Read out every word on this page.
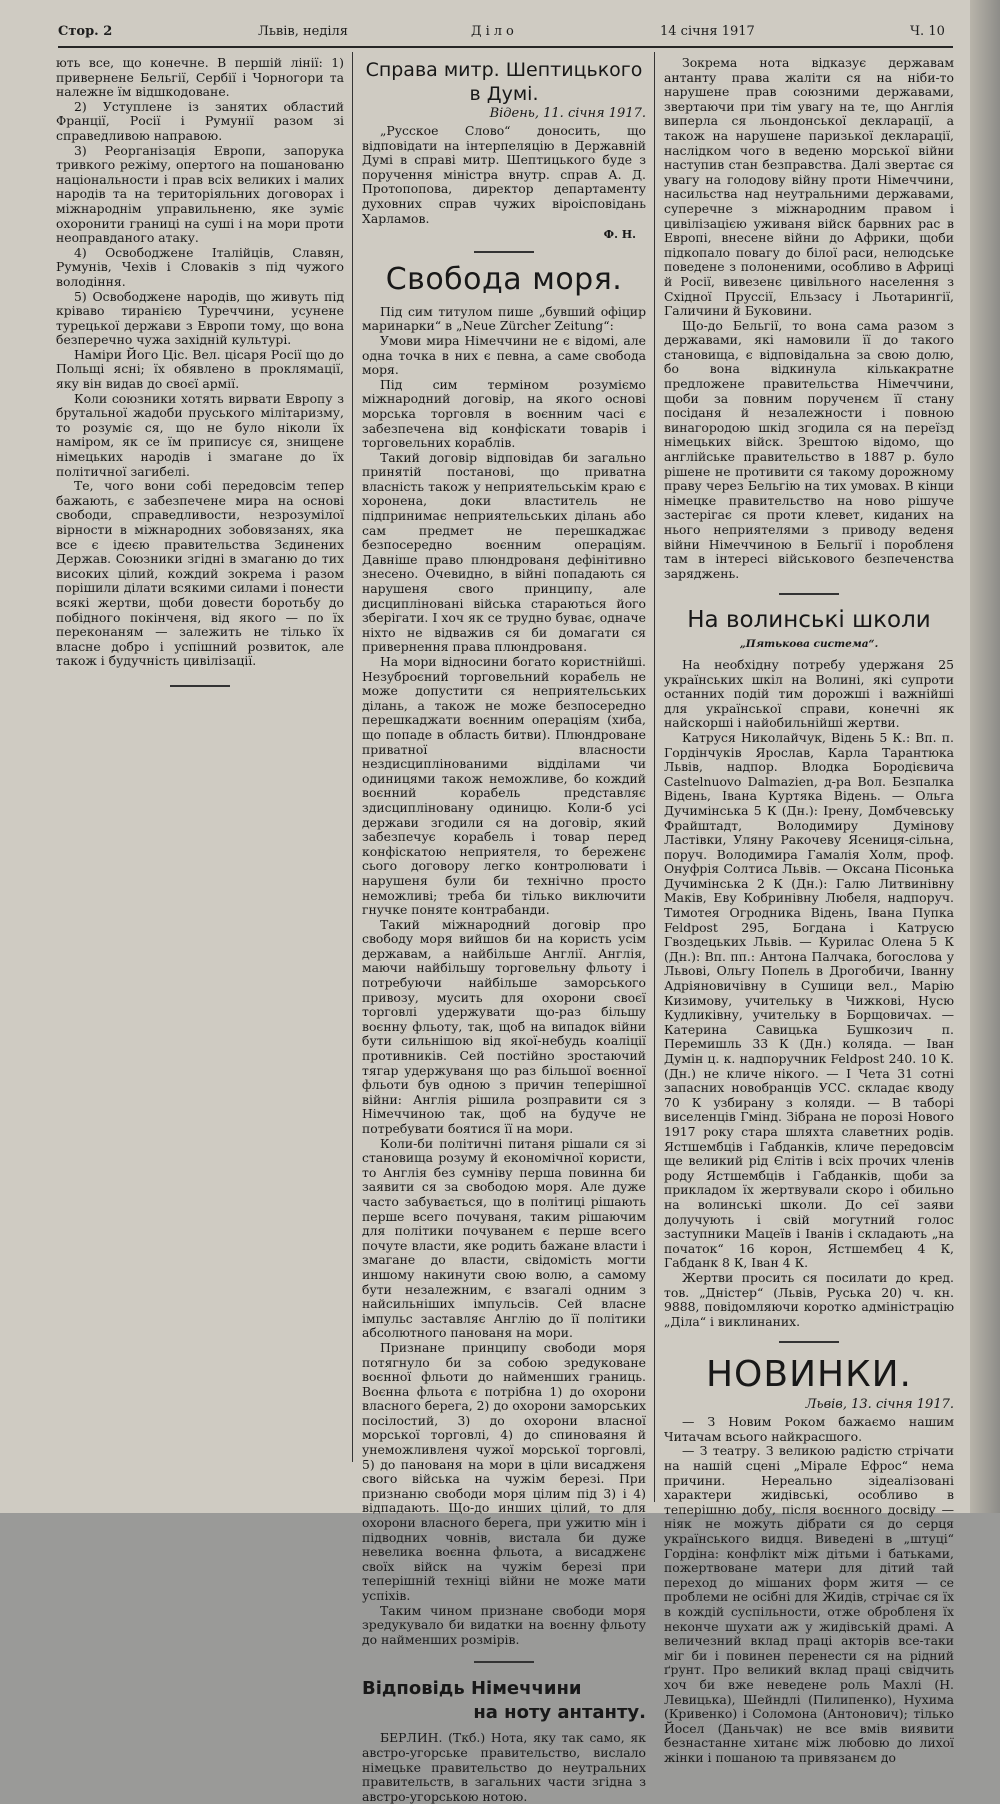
Стор. 2	Львів, неділя	Діло	14 січня 1917	Ч. 10

ють все, що конечне. В першій лінії: 1) привернене Бельгії, Сербії і Чорногори та належне їм відшкодоване.

2) Уступлене із занятих областий Франції, Росії і Румунії разом зі справедливою направою.

3) Реорганізація Европи, запорука тривкого режіму, опертого на пошанованю національности і прав всіх великих і малих народів та на територіяльних договорах і міжнароднім управильненю, яке зуміє охоронити границі на суші і на мори проти неоправданого атаку.

4) Освободжене Італійців, Славян, Румунів, Чехів і Словаків з під чужого володіння.

5) Освободжене народів, що живуть під кріваво тиранією Туреччини, усунене турецької держави з Европи тому, що вона безперечно чужа західній культурі.

Наміри Його Ціс. Вел. цісаря Росії що до Польщі ясні; їх обявлено в проклямації, яку він видав до своєї армії.

Коли союзники хотять вирвати Европу з брутальної жадоби пруського мілітаризму, то розуміє ся, що не було ніколи їх наміром, як се їм приписує ся, знищене німецьких народів і змагане до їх політичної загибелі.

Те, чого вони собі передовсім тепер бажають, є забезпечене мира на основі свободи, справедливости, незрозумілої вірности в міжнародних зобовязанях, яка все є ідеєю правительства Зєдинених Держав. Союзники згідні в змаганю до тих високих цілий, кождий зокрема і разом порішили ділати всякими силами і понести всякі жертви, щоби довести боротьбу до побідного покінченя, від якого — по їх переконаням — залежить не тілько їх власне добро і успішний розвиток, але також і будучність цивілізації.

Справа митр. Шептицького
в Думі.
Відень, 11. січня 1917.

„Русское Слово“ доносить, що відповідати на інтерпеляцію в Державній Думі в справі митр. Шептицького буде з поручення міністра внутр. справ А. Д. Протопопова, директор департаменту духовних справ чужих віроісповідань Харламов.

Ф. Н.
Свобода моря.

Під сим титулом пише „бувший офіцир маринарки“ в „Neue Zürcher Zeitung“:

Умови мира Німеччини не є відомі, але одна точка в них є певна, а саме свобода моря.

Під сим терміном розуміємо міжнародний договір, на якого основі морська торговля в воєнним часі є забезпечена від конфіскати товарів і торговельних кораблів.

Такий договір відповідав би загально принятій постанові, що приватна власність також у неприятельськім краю є хоронена, доки властитель не підпринимає неприятельських ділань або сам предмет не перешкаджає безпосередно воєнним операціям. Давніше право плюндрованя дефінітивно знесено. Очевидно, в війні попадають ся нарушеня свого принципу, але дисципліновані війська стараються його зберігати. І хоч як се трудно буває, одначе ніхто не відважив ся би домагати ся привернення права плюндрованя.

На мори відносини богато користнійші. Незуброєний торговельний корабель не може допустити ся неприятельських ділань, а також не може безпосередно перешкаджати воєнним операціям (хиба, що попаде в область битви). Плюндроване приватної власности нездисциплінованими відділами чи одиницями також неможливе, бо кождий воєнний корабель представляє здисципліновану одиницю. Коли-б усі держави згодили ся на договір, який забезпечує корабель і товар перед конфіскатою неприятеля, то береженє сього договору легко контролювати і нарушеня були би технічно просто неможливі; треба би тілько виключити гнучке поняте контрабанди.

Такий міжнародний договір про свободу моря вийшов би на користь усім державам, а найбільше Англії. Англія, маючи найбільшу торговельну фльоту і потребуючи найбільше заморського привозу, мусить для охорони своєї торговлі удержувати що-раз більшу воєнну фльоту, так, щоб на випадок війни бути сильнішою від якої-небудь коаліції противників. Сей постійно зростаючий тягар удержуваня що раз більшої воєнної фльоти був одною з причин теперішної війни: Англія рішила розправити ся з Німеччиною так, щоб на будуче не потребувати боятися її на мори.

Коли-би політичні питаня рішали ся зі становища розуму й економічної користи, то Англія без сумніву перша повинна би заявити ся за свободою моря. Але дуже часто забувається, що в політиці рішають перше всего почуваня, таким рішаючим для політики почуванем є перше всего почуте власти, яке родить бажане власти і змагане до власти, свідомість могти иншому накинути свою волю, а самому бути незалежним, є взагалі одним з найсильніших імпульсів. Сей власне імпульс заставляє Англію до її політики абсолютного панованя на мори.

Признане принципу свободи моря потягнуло би за собою зредуковане воєнної фльоти до найменших границь. Воєнна фльота є потрібна 1) до охорони власного берега, 2) до охорони заморських посілостий, 3) до охорони власної морської торговлі, 4) до спиноваяня й унеможливленя чужої морської торговлі, 5) до панованя на мори в ціли висадженя свого війська на чужім березі. При признаню свободи моря цілим під 3) і 4) відпадають. Що-до инших цілий, то для охорони власного берега, при ужитю мін і підводних човнів, вистала би дуже невелика воєнна фльота, а висадженє своїх війск на чужім березі при теперішній техніці війни не може мати успіхів.

Таким чином признане свободи моря зредукувало би видатки на воєнну фльоту до найменших розмірів.

Відповідь Німеччини
на ноту антанту.

БЕРЛИН. (Ткб.) Нота, яку так само, як австро-угорське правительство, вислало німецьке правительство до неутральних правительств, в загальних части згідна з австро-угорською нотою.

Зокрема нота відказує державам антанту права жаліти ся на ніби-то нарушене прав союзними державами, звертаючи при тім увагу на те, що Англія виперла ся льондонської декларації, а також на нарушене паризької декларації, наслідком чого в веденю морської війни наступив стан безправства. Далі звертає ся увагу на голодову війну проти Німеччини, насильства над неутральними державами, суперечне з міжнародним правом і цивілізацією уживаня війск барвних рас в Европі, внесене війни до Африки, щоби підкопало повагу до білої раси, нелюдське поведене з полоненими, особливо в Африці й Росії, вивезенє цивільного населення з Східної Пруссії, Ельзасу і Льотарингії, Галичини й Буковини.

Що-до Бельгії, то вона сама разом з державами, які намовили її до такого становища, є відповідальна за свою долю, бо вона відкинула кількакратне предложене правительства Німеччини, щоби за повним порученєм її стану посіданя й незалежности і повною винагородою шкід згодила ся на переїзд німецьких війск. Зрештою відомо, що англійське правительство в 1887 р. було рішене не противити ся такому дорожному праву через Бельгію на тих умовах. В кінци німецке правительство на ново рішуче застерігає ся проти клевет, киданих на нього неприятелями з приводу веденя війни Німеччиною в Бельгії і поробленя там в інтересі військового безпеченства заряджень.

На волинські школи
„Пятькова система“.

На необхідну потребу удержаня 25 українських шкіл на Волині, які супроти останних подій тим дорожші і важнійші для української справи, конечні як найскорші і найобильнійші жертви.

Катруся Николайчук, Відень 5 К.: Вп. п. Гордінчуків Ярослав, Карла Тарантюка Львів, надпор. Влодка Бородієвича Castelnuovo Dalmazien, д-ра Вол. Безпалка Відень, Івана Куртяка Відень. — Ольга Дучимінська 5 К (Дн.): Ірену, Домбчевську Фрайштадт, Володимиру Думінову Ластівки, Уляну Ракочеву Ясениця-сільна, поруч. Володимира Гамалія Холм, проф. Онуфрія Солтиса Львів. — Оксана Пісонька Дучимінська 2 К (Дн.): Галю Литвинівну Маків, Еву Кобринівну Любеля, надпоруч. Тимотея Огродника Відень, Івана Пупка Feldpost 295, Богдана і Катрусю Гвоздецьких Львів. — Курилас Олена 5 К (Дн.): Вп. пп.: Антона Палчака, богослова у Львові, Ольгу Попель в Дрогобичи, Іванну Адріяновичівну в Сушици вел., Марію Кизимову, учительку в Чижкові, Нусю Кудликівну, учительку в Борщовичах. — Катерина Савицька Бушкозич п. Перемишль 33 К (Дн.) коляда. — Іван Думін ц. к. надпоручник Feldpost 240. 10 К. (Дн.) не кличе нікого. — І Чета 31 сотні запасних новобранців УСС. складає кводу 70 К узбирану з коляди. — В таборі виселенців Гмінд. Зібрана не порозі Нового 1917 року стара шляхта славетних родів. Ястшембців і Габданків, кличе передовсім ще великий рід Єлітів і всіх прочих членів роду Ястшембців і Габданків, щоби за прикладом їх жертвували скоро і обильно на волинські школи. До сеї заяви долучують і свій могутний голос заступники Мацеїв і Іванів і складають „на початок“ 16 корон, Ястшембец 4 К, Габданк 8 К, Іван 4 К.

Жертви просить ся посилати до кред. тов. „Дністер“ (Львів, Руська 20) ч. кн. 9888, повідомляючи коротко адміністрацію „Діла“ і виклинаних.

НОВИНКИ.
Львів, 13. січня 1917.

— З Новим Роком бажаємо нашим Читачам всього найкрасшого.

— З театру. З великою радістю стрічати на нашій сцені „Мірале Ефрос“ нема причини. Нереально зідеалізовані характери жидівські, особливо в теперішню добу, після воєнного досвіду — ніяк не можуть дібрати ся до серця українського видця. Виведені в „штуці“ Гордіна: конфлікт між дітьми і батьками, пожертвоване матери для дітий тай переход до мішаних форм житя — се проблеми не осібні для Жидів, стрічає ся їх в кождій суспільности, отже обробленя їх неконче шухати аж у жидівській драмі. А величезний вклад праці акторів все-таки міг би і повинен перенести ся на рідний ґрунт. Про великий вклад праці свідчить хоч би вже неведене роль Махлі (Н. Левицька), Шейндлі (Пилипенко), Нухима (Кривенко) і Соломона (Антонович); тілько Йосел (Даньчак) не все вмів виявити безнастанне хитанє між любовю до лихої жінки і пошаною та привязанєм до
